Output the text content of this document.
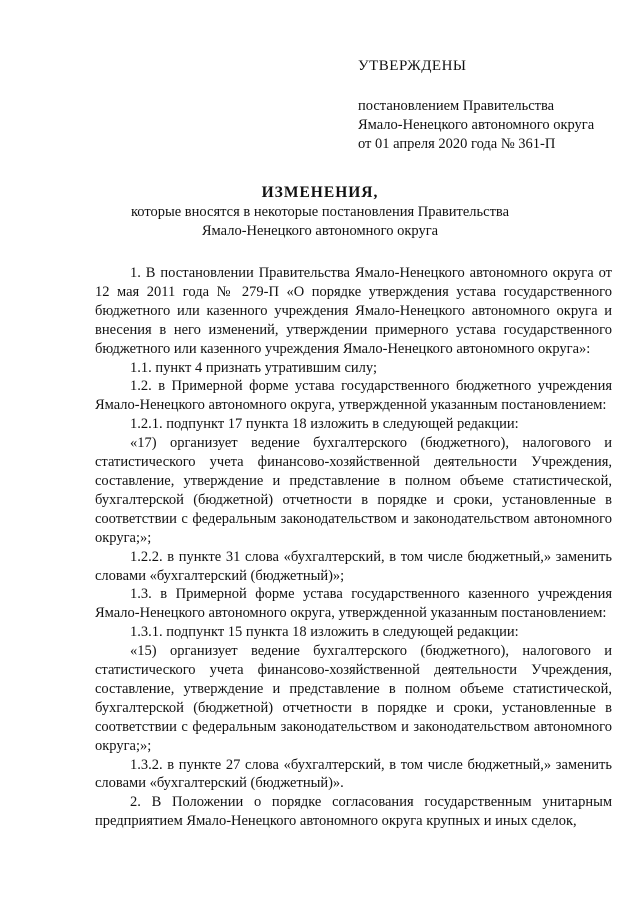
УТВЕРЖДЕНЫ
постановлением Правительства
Ямало-Ненецкого автономного округа
от 01 апреля 2020 года № 361-П
ИЗМЕНЕНИЯ,
которые вносятся в некоторые постановления Правительства
Ямало-Ненецкого автономного округа

1. В постановлении Правительства Ямало-Ненецкого автономного округа от 12 мая 2011 года № 279-П «О порядке утверждения устава государственного бюджетного или казенного учреждения Ямало-Ненецкого автономного округа и внесения в него изменений, утверждении примерного устава государственного бюджетного или казенного учреждения Ямало-Ненецкого автономного округа»:

1.1. пункт 4 признать утратившим силу;

1.2. в Примерной форме устава государственного бюджетного учреждения Ямало-Ненецкого автономного округа, утвержденной указанным постановлением:

1.2.1. подпункт 17 пункта 18 изложить в следующей редакции:

«17) организует ведение бухгалтерского (бюджетного), налогового и статистического учета финансово-хозяйственной деятельности Учреждения, составление, утверждение и представление в полном объеме статистической, бухгалтерской (бюджетной) отчетности в порядке и сроки, установленные в соответствии с федеральным законодательством и законодательством автономного округа;»;

1.2.2. в пункте 31 слова «бухгалтерский, в том числе бюджетный,» заменить словами «бухгалтерский (бюджетный)»;

1.3. в Примерной форме устава государственного казенного учреждения Ямало-Ненецкого автономного округа, утвержденной указанным постановлением:

1.3.1. подпункт 15 пункта 18 изложить в следующей редакции:

«15) организует ведение бухгалтерского (бюджетного), налогового и статистического учета финансово-хозяйственной деятельности Учреждения, составление, утверждение и представление в полном объеме статистической, бухгалтерской (бюджетной) отчетности в порядке и сроки, установленные в соответствии с федеральным законодательством и законодательством автономного округа;»;

1.3.2. в пункте 27 слова «бухгалтерский, в том числе бюджетный,» заменить словами «бухгалтерский (бюджетный)».

2. В Положении о порядке согласования государственным унитарным предприятием Ямало-Ненецкого автономного округа крупных и иных сделок,
